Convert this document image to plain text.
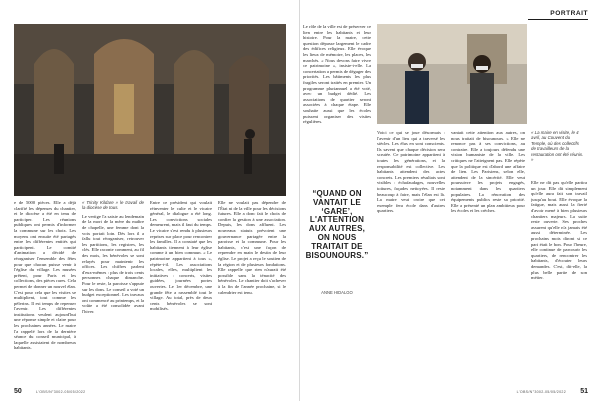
e de 5000 pièces. Elle a déjà clarifié les dépenses du chantier, et le diocèse a été en tenu de participer. Les réunions publiques ont permis d'informer la commune sur les choix. Les moyens ont ensuite été partagés entre les différentes entités qui participent. Le comité d'animation a décidé de réorganiser l'ensemble des fêtes pour que chacun puisse venir à l'église du village. Les musées prêtent, pour Paris et les collections, des pièces rares. Cela permet de donner un nouvel élan. C'est pour cela que les visites se multiplient, tout comme les pèlerins. Il est temps de repenser l'avenir. Les différentes institutions veulent aujourd'hui une réponse simple et claire pour les prochaines années. Le maire l'a rappelé lors de la dernière séance du conseil municipal, à laquelle assistaient de nombreux habitants.

« Trinity Kildare » le travail de la diocèse de tous.

Le vertige l'a saisie au lendemain de la mort de la mère du maître de chapelle, une femme dont la voix portait loin. Dès lors il a fallu tout réorganiser, retrouver les partitions, les registres, les clés. Elle raconte comment, au fil des mois, les bénévoles se sont relayés pour maintenir les offices. Les chiffres parlent d'eux-mêmes : plus de trois cents personnes chaque dimanche. Pour le reste, la paroisse s'appuie sur les dons. Le conseil a voté un budget exceptionnel. Les travaux ont commencé au printemps, et la voûte a été consolidée avant l'hiver.

Entre ce président qui voulait réinventer le culte et le vicaire général, le dialogue a été long. Les convictions sociales demeurent, mais il faut du temps. Le vicaire s'est rendu à plusieurs reprises sur place pour rencontrer les familles. Il a constaté que les habitants tiennent à leur église comme à un bien commun. « Le patrimoine appartient à tous », répète-t-il. Les associations locales, elles, multiplient les initiatives : concerts, visites guidées, journées portes ouvertes. Le 1er décembre, une grande fête a rassemblé tout le village. Au total, près de deux cents bénévoles se sont mobilisés.

Elle ne voulait pas dépendre de l'État ni de la ville pour les décisions futures. Elle a donc fait le choix de confier la gestion à une association. Depuis, les dons affluent. Les nouveaux statuts prévoient une gouvernance partagée entre la paroisse et la commune. Pour les habitants, c'est une façon de reprendre en main le destin de leur église. Le projet a reçu le soutien de la région et de plusieurs fondations. Elle rappelle que rien n'aurait été possible sans la ténacité des bénévoles. Le chantier doit s'achever à la fin de l'année prochaine, si le calendrier est tenu.

50	L'OBS/N°3002-05/05/2022
PORTRAIT

Le rôle de la ville est de préserver ce lien entre les habitants et leur histoire. Pour la maire, cette question dépasse largement le cadre des édifices religieux. Elle évoque les lieux de mémoire, les places, les marchés. « Nous devons faire vivre ce patrimoine », insiste-t-elle. La concertation a permis de dégager des priorités. Les bâtiments les plus fragiles seront traités en premier. Un programme pluriannuel a été voté, avec un budget dédié. Les associations de quartier seront associées à chaque étape. Elle souhaite aussi que les écoles puissent organiser des visites régulières.

« La maire en visite, le 4 avril, au Couvent du Temple, où des collectifs de travailleurs de la restauration ont été réunis. »

Voici ce qui se joue désormais : l'avenir d'un lieu qui a traversé les siècles. Les élus en sont conscients. Ils savent que chaque décision sera scrutée. Ce patrimoine appartient à toutes les générations, et la responsabilité est collective. Les habitants attendent des actes concrets. Les premiers résultats sont visibles : échafaudages, nouvelles toitures, façades nettoyées. Il reste beaucoup à faire, mais l'élan est là. La maire veut croire que cet exemple fera école dans d'autres quartiers.

vantait cette attention aux autres, on nous traitait de bisounours. » Elle ne renonce pas à ses convictions, au contraire. Elle a toujours défendu une vision humaniste de la ville. Les critiques ne l'atteignent pas. Elle répète que la politique est d'abord une affaire de lien. Les Parisiens, selon elle, attendent de la sincérité. Elle veut poursuivre les projets engagés, notamment dans les quartiers populaires. La rénovation des équipements publics reste sa priorité. Elle a présenté un plan ambitieux pour les écoles et les crèches.

Elle ne dit pas qu'elle partira un jour. Elle dit simplement qu'elle aura fait son travail jusqu'au bout. Elle évoque la fatigue, mais aussi la fierté d'avoir mené à bien plusieurs chantiers majeurs. La suite reste ouverte. Ses proches assurent qu'elle n'a jamais été aussi déterminée. Les prochains mois diront si ce pari était le bon. Pour l'heure, elle continue de parcourir les quartiers, de rencontrer les habitants, d'écouter leurs demandes. C'est, dit-elle, la plus belle partie de son métier.

“QUAND ON VANTAIT LE ‘GARE’, L'ATTENTION AUX AUTRES, ON NOUS TRAITAIT DE BISOUNOURS.”
ANNE HIDALGO
L'OBS/N°3002-05/05/2022 51
